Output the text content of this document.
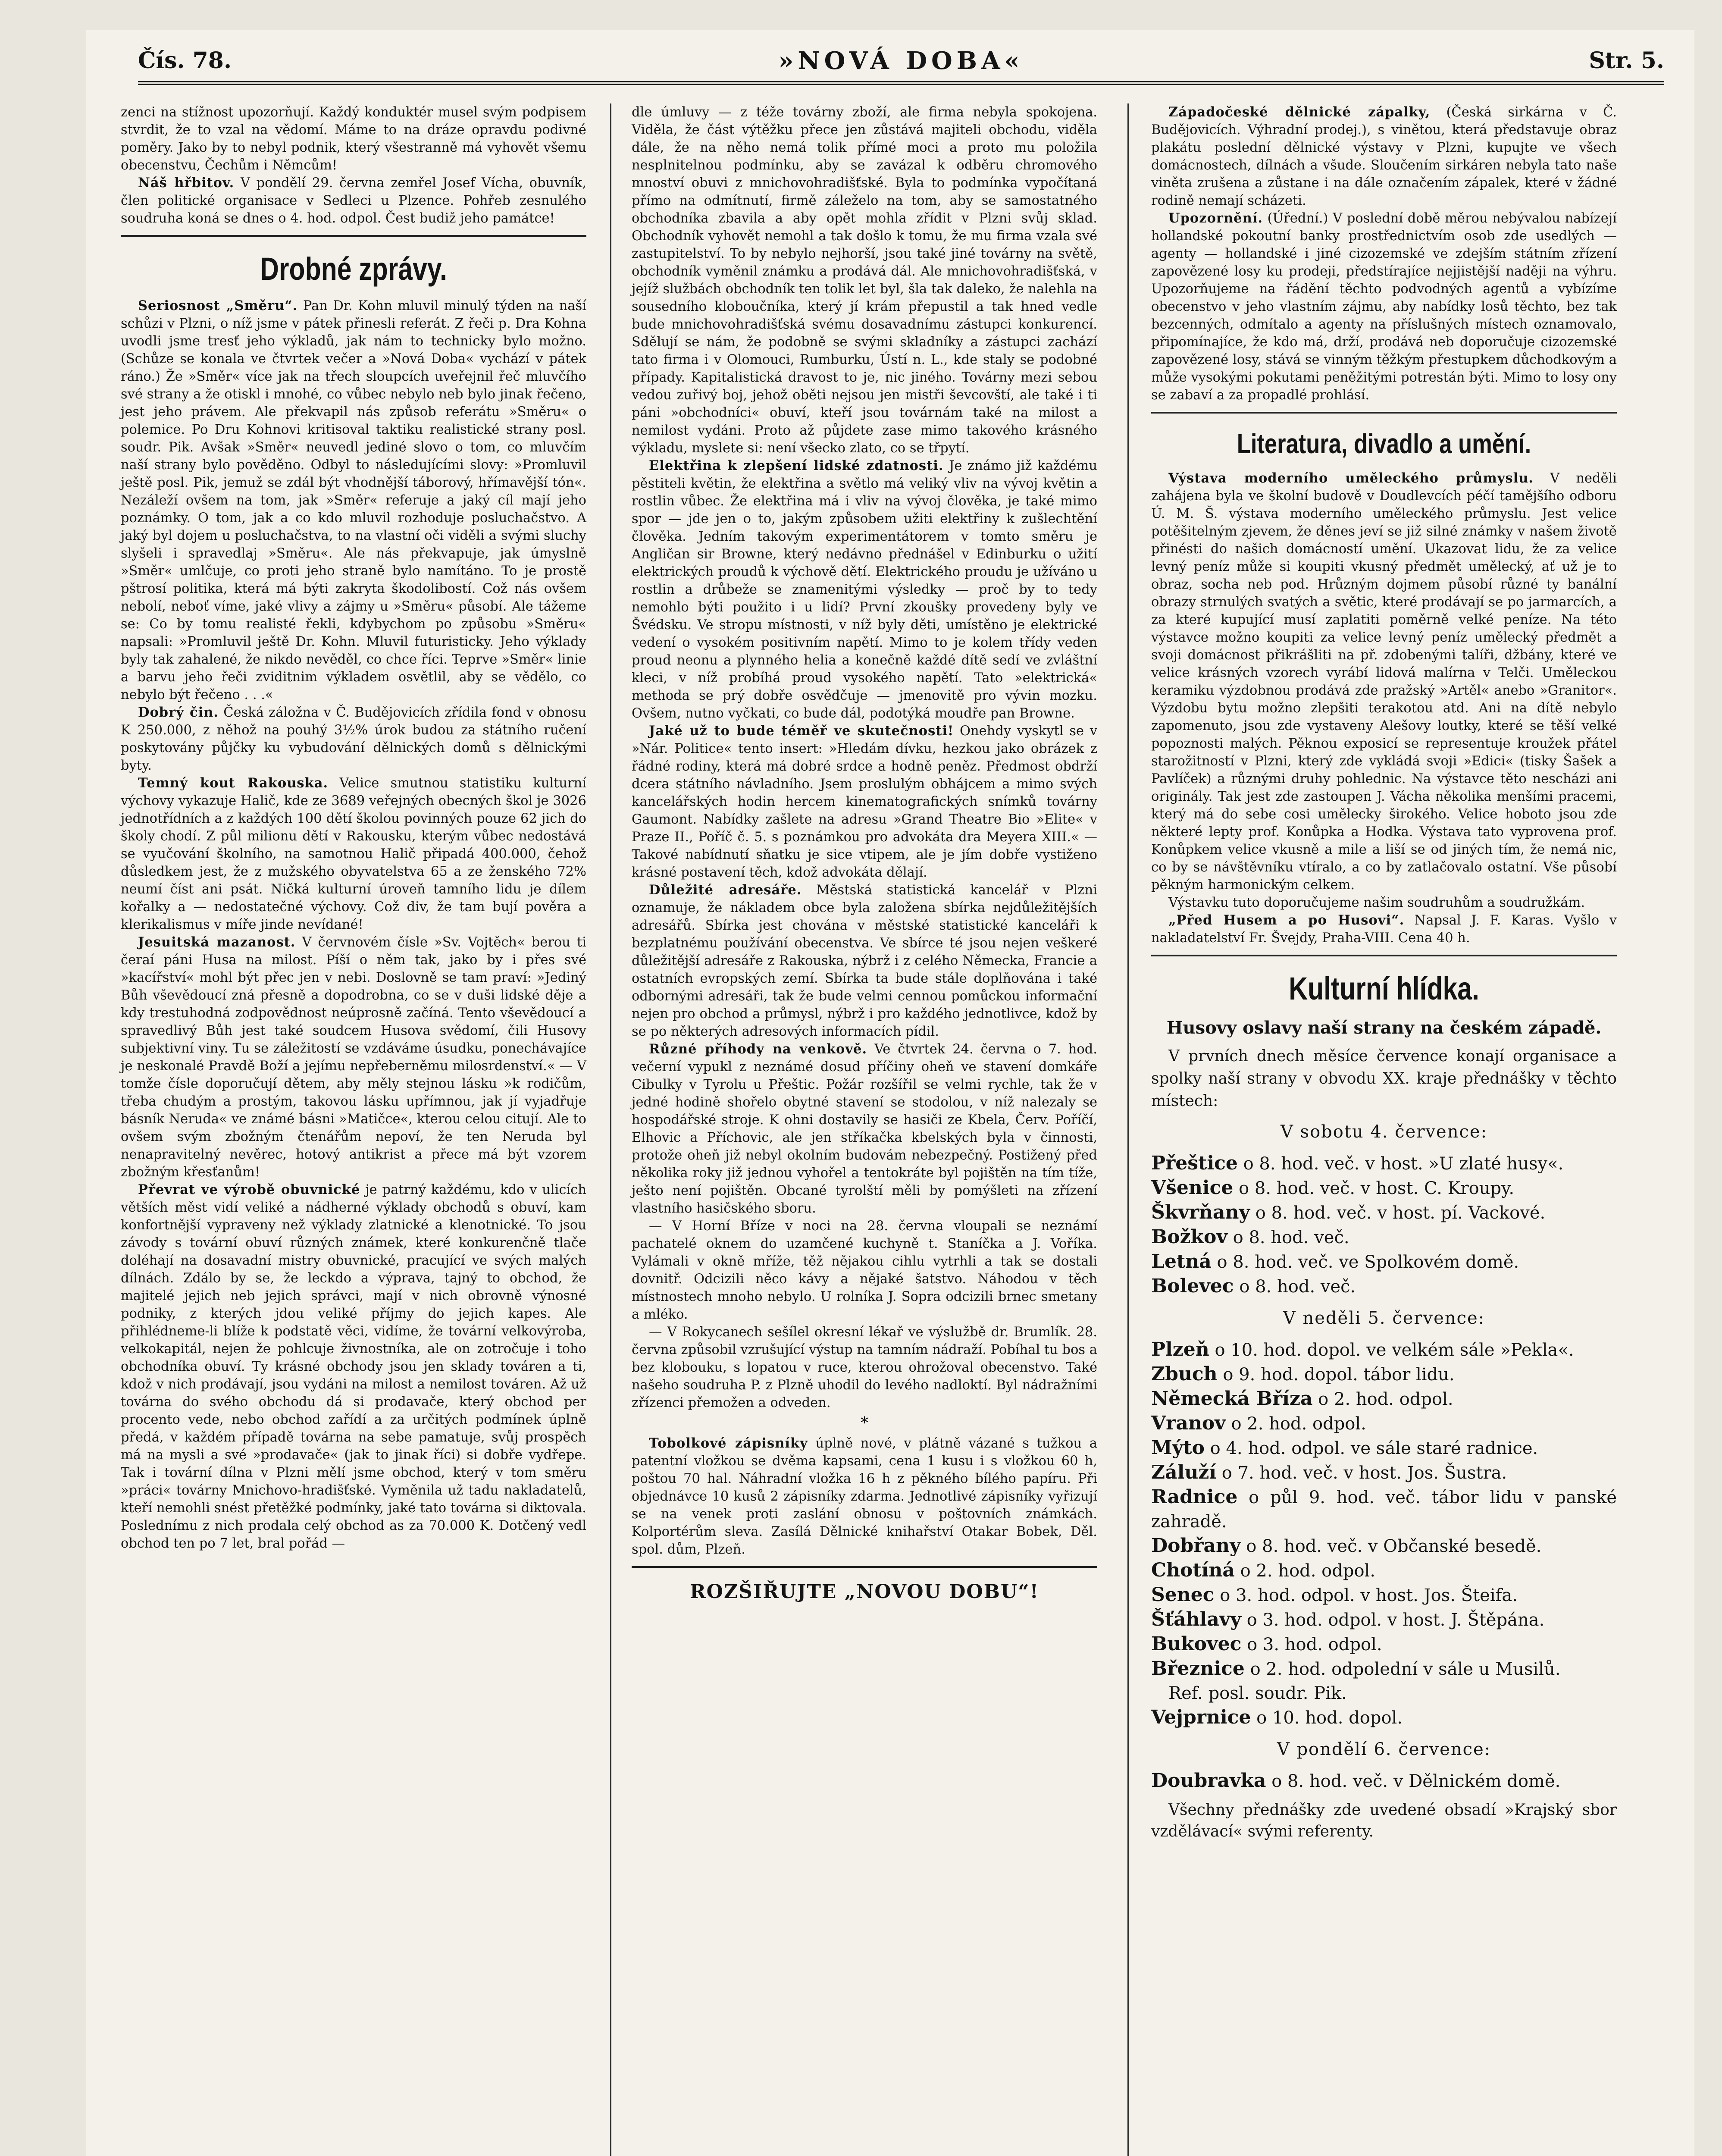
Čís. 78.	»NOVÁ DOBA«	Str. 5.

zenci na stížnost upozorňují. Každý konduktér musel svým podpisem stvrdit, že to vzal na vědomí. Máme to na dráze opravdu podivné poměry. Jako by to nebyl podnik, který všestranně má vyhovět všemu obecenstvu, Čechům i Němcům!

Náš hřbitov. V pondělí 29. června zemřel Josef Vícha, obuvník, člen politické organisace v Sedleci u Plzence. Pohřeb zesnulého soudruha koná se dnes o 4. hod. odpol. Čest budiž jeho památce!

Drobné zprávy.

Seriosnost „Směru“. Pan Dr. Kohn mluvil minulý týden na naší schůzi v Plzni, o níž jsme v pátek přinesli referát. Z řeči p. Dra Kohna uvodli jsme tresť jeho výkladů, jak nám to technicky bylo možno. (Schůze se konala ve čtvrtek večer a »Nová Doba« vychází v pátek ráno.) Že »Směr« více jak na třech sloupcích uveřejnil řeč mluvčího své strany a že otiskl i mnohé, co vůbec nebylo neb bylo jinak řečeno, jest jeho právem. Ale překvapil nás způsob referátu »Směru« o polemice. Po Dru Kohnovi kritisoval taktiku realistické strany posl. soudr. Pik. Avšak »Směr« neuvedl jediné slovo o tom, co mluvčím naší strany bylo pověděno. Odbyl to následujícími slovy: »Promluvil ještě posl. Pik, jemuž se zdál být vhodnější táborový, hřímavější tón«. Nezáleží ovšem na tom, jak »Směr« referuje a jaký cíl mají jeho poznámky. O tom, jak a co kdo mluvil rozhoduje posluchačstvo. A jaký byl dojem u posluchačstva, to na vlastní oči viděli a svými sluchy slyšeli i spravedlaj »Směru«. Ale nás překvapuje, jak úmyslně »Směr« umlčuje, co proti jeho straně bylo namítáno. To je prostě pštrosí politika, která má býti zakryta škodolibostí. Což nás ovšem nebolí, neboť víme, jaké vlivy a zájmy u »Směru« působí. Ale tážeme se: Co by tomu realisté řekli, kdybychom po způsobu »Směru« napsali: »Promluvil ještě Dr. Kohn. Mluvil futuristicky. Jeho výklady byly tak zahalené, že nikdo nevěděl, co chce říci. Teprve »Směr« linie a barvu jeho řeči zviditnim výkladem osvětlil, aby se vědělo, co nebylo být řečeno . . .«

Dobrý čin. Česká záložna v Č. Budějovicích zřídila fond v obnosu K 250.000, z něhož na pouhý 3½% úrok budou za státního ručení poskytovány půjčky ku vybudování dělnických domů s dělnickými byty.

Temný kout Rakouska. Velice smutnou statistiku kulturní výchovy vykazuje Halič, kde ze 3689 veřejných obecných škol je 3026 jednotřídních a z každých 100 dětí školou povinných pouze 62 jich do školy chodí. Z půl milionu dětí v Rakousku, kterým vůbec nedostává se vyučování školního, na samotnou Halič připadá 400.000, čehož důsledkem jest, že z mužského obyvatelstva 65 a ze ženského 72% neumí číst ani psát. Ničká kulturní úroveň tamního lidu je dílem kořalky a — nedostatečné výchovy. Což div, že tam bují pověra a klerikalismus v míře jinde nevídané!

Jesuitská mazanost. V červnovém čísle »Sv. Vojtěch« berou ti čeraí páni Husa na milost. Píší o něm tak, jako by i přes své »kacířství« mohl být přec jen v nebi. Doslovně se tam praví: »Jediný Bůh vševědoucí zná přesně a dopodrobna, co se v duši lidské děje a kdy trestuhodná zodpovědnost neúprosně začíná. Tento vševědoucí a spravedlivý Bůh jest také soudcem Husova svědomí, čili Husovy subjektivní viny. Tu se záležitostí se vzdáváme úsudku, ponechávajíce je neskonalé Pravdě Boží a jejímu nepřeberněmu milosrdenství.« — V tomže čísle doporučují dětem, aby měly stejnou lásku »k rodičům, třeba chudým a prostým, takovou lásku upřímnou, jak jí vyjadřuje básník Neruda« ve známé básni »Matičce«, kterou celou citují. Ale to ovšem svým zbožným čtenářům nepoví, že ten Neruda byl nenapravitelný nevěrec, hotový antikrist a přece má být vzorem zbožným křesťanům!

Převrat ve výrobě obuvnické je patrný každému, kdo v ulicích větších měst vidí veliké a nádherné výklady obchodů s obuví, kam konfortnější vypraveny než výklady zlatnické a klenotnické. To jsou závody s tovární obuví různých známek, které konkurenčně tlače doléhají na dosavadní mistry obuvnické, pracující ve svých malých dílnách. Zdálo by se, že leckdo a výprava, tajný to obchod, že majitelé jejich neb jejich správci, mají v nich obrovně výnosné podniky, z kterých jdou veliké příjmy do jejich kapes. Ale přihlédneme-li blíže k podstatě věci, vidíme, že tovární velkovýroba, velkokapitál, nejen že pohlcuje živnostníka, ale on zotročuje i toho obchodníka obuví. Ty krásné obchody jsou jen sklady továren a ti, kdož v nich prodávají, jsou vydáni na milost a nemilost továren. Až už továrna do svého obchodu dá si prodavače, který obchod per procento vede, nebo obchod zařídí a za určitých podmínek úplně předá, v každém případě továrna na sebe pamatuje, svůj prospěch má na mysli a své »prodavače« (jak to jinak říci) si dobře vydřepe. Tak i tovární dílna v Plzni mělí jsme obchod, který v tom směru »práci« továrny Mnichovo-hradišťské. Vyměnila už tadu nakladatelů, kteří nemohli snést přetěžké podmínky, jaké tato továrna si diktovala. Poslednímu z nich prodala celý obchod as za 70.000 K. Dotčený vedl obchod ten po 7 let, bral pořád —

dle úmluvy — z téže továrny zboží, ale firma nebyla spokojena. Viděla, že část výtěžku přece jen zůstává majiteli obchodu, viděla dále, že na něho nemá tolik přímé moci a proto mu položila nesplnitelnou podmínku, aby se zavázal k odběru chromového mnoství obuvi z mnichovohradišťské. Byla to podmínka vypočítaná přímo na odmítnutí, firmě záleželo na tom, aby se samostatného obchodníka zbavila a aby opět mohla zřídit v Plzni svůj sklad. Obchodník vyhovět nemohl a tak došlo k tomu, že mu firma vzala své zastupitelství. To by nebylo nejhorší, jsou také jiné továrny na světě, obchodník vyměnil známku a prodává dál. Ale mnichovohradišťská, v jejíž službách obchodník ten tolik let byl, šla tak daleko, že nalehla na sousedního kloboučníka, který jí krám přepustil a tak hned vedle bude mnichovohradišťská svému dosavadnímu zástupci konkurencí. Sdělují se nám, že podobně se svými skladníky a zástupci zachází tato firma i v Olomouci, Rumburku, Ústí n. L., kde staly se podobné případy. Kapitalistická dravost to je, nic jiného. Továrny mezi sebou vedou zuřivý boj, jehož oběti nejsou jen mistři ševcovští, ale také i ti páni »obchodníci« obuví, kteří jsou továrnám také na milost a nemilost vydáni. Proto až půjdete zase mimo takového krásného výkladu, myslete si: není všecko zlato, co se třpytí.

Elektřina k zlepšení lidské zdatnosti. Je známo již každému pěstiteli květin, že elektřina a světlo má veliký vliv na vývoj květin a rostlin vůbec. Že elektřina má i vliv na vývoj člověka, je také mimo spor — jde jen o to, jakým způsobem užiti elektřiny k zušlechtění člověka. Jedním takovým experimentátorem v tomto směru je Angličan sir Browne, který nedávno přednášel v Edinburku o užití elektrických proudů k výchově dětí. Elektrického proudu je užíváno u rostlin a drůbeže se znamenitými výsledky — proč by to tedy nemohlo býti použito i u lidí? První zkoušky provedeny byly ve Švédsku. Ve stropu místnosti, v níž byly děti, umístěno je elektrické vedení o vysokém positivním napětí. Mimo to je kolem třídy veden proud neonu a plynného helia a konečně každé dítě sedí ve zvláštní kleci, v níž probíhá proud vysokého napětí. Tato »elektrická« methoda se prý dobře osvědčuje — jmenovitě pro vývin mozku. Ovšem, nutno vyčkati, co bude dál, podotýká moudře pan Browne.

Jaké už to bude téměř ve skutečnosti! Onehdy vyskytl se v »Nár. Politice« tento insert: »Hledám dívku, hezkou jako obrázek z řádné rodiny, která má dobré srdce a hodně peněz. Předmost obdrží dcera státního návladního. Jsem proslulým obhájcem a mimo svých kancelářských hodin hercem kinematografických snímků továrny Gaumont. Nabídky zašlete na adresu »Grand Theatre Bio »Elite« v Praze II., Poříč č. 5. s poznámkou pro advokáta dra Meyera XIII.« — Takové nabídnutí sňatku je sice vtipem, ale je jím dobře vystiženo krásné postavení těch, kdož advokáta dělají.

Důležité adresáře. Městská statistická kancelář v Plzni oznamuje, že nákladem obce byla založena sbírka nejdůležitějších adresářů. Sbírka jest chována v městské statistické kanceláři k bezplatnému používání obecenstva. Ve sbírce té jsou nejen veškeré důležitější adresáře z Rakouska, nýbrž i z celého Německa, Francie a ostatních evropských zemí. Sbírka ta bude stále doplňována i také odbornými adresáři, tak že bude velmi cennou pomůckou informační nejen pro obchod a průmysl, nýbrž i pro každého jednotlivce, kdož by se po některých adresových informacích pídil.

Různé příhody na venkově. Ve čtvrtek 24. června o 7. hod. večerní vypukl z neznámé dosud příčiny oheň ve stavení domkáře Cibulky v Tyrolu u Přeštic. Požár rozšířil se velmi rychle, tak že v jedné hodině shořelo obytné stavení se stodolou, v níž nalezaly se hospodářské stroje. K ohni dostavily se hasiči ze Kbela, Červ. Poříčí, Elhovic a Příchovic, ale jen stříkačka kbelských byla v činnosti, protože oheň již nebyl okolním budovám nebezpečný. Postižený před několika roky již jednou vyhořel a tentokráte byl pojištěn na tím tíže, ješto není pojištěn. Obcané tyrolští měli by pomýšleti na zřízení vlastního hasičského sboru.

— V Horní Bříze v noci na 28. června vloupali se neznámí pachatelé oknem do uzamčené kuchyně t. Staníčka a J. Voříka. Vylámali v okně mříže, těž nějakou cihlu vytrhli a tak se dostali dovnitř. Odcizili něco kávy a nějaké šatstvo. Náhodou v těch místnostech mnoho nebylo. U rolníka J. Sopra odcizili brnec smetany a mléko.

— V Rokycanech sešílel okresní lékař ve výslužbě dr. Brumlík. 28. června způsobil vzrušující výstup na tamním nádraží. Pobíhal tu bos a bez klobouku, s lopatou v ruce, kterou ohrožoval obecenstvo. Také našeho soudruha P. z Plzně uhodil do levého nadloktí. Byl nádražními zřízenci přemožen a odveden.

*

Tobolkové zápisníky úplně nové, v plátně vázané s tužkou a patentní vložkou se dvěma kapsami, cena 1 kusu i s vložkou 60 h, poštou 70 hal. Náhradní vložka 16 h z pěkného bílého papíru. Při objednávce 10 kusů 2 zápisníky zdarma. Jednotlivé zápisníky vyřizují se na venek proti zaslání obnosu v poštovních známkách. Kolportérům sleva. Zasílá Dělnické knihařství Otakar Bobek, Děl. spol. dům, Plzeň.

ROZŠIŘUJTE „NOVOU DOBU“!

Západočeské dělnické zápalky, (Česká sirkárna v Č. Budějovicích. Výhradní prodej.), s vinětou, která představuje obraz plakátu poslední dělnické výstavy v Plzni, kupujte ve všech domácnostech, dílnách a všude. Sloučením sirkáren nebyla tato naše viněta zrušena a zůstane i na dále označením zápalek, které v žádné rodině nemají scházeti.

Upozornění. (Úřední.) V poslední době měrou nebývalou nabízejí hollandské pokoutní banky prostřednictvím osob zde usedlých — agenty — hollandské i jiné cizozemské ve zdejším státním zřízení zapovězené losy ku prodeji, předstírajíce nejjistější naději na výhru. Upozorňujeme na řádění těchto podvodných agentů a vybízíme obecenstvo v jeho vlastním zájmu, aby nabídky losů těchto, bez tak bezcenných, odmítalo a agenty na příslušných místech oznamovalo, připomínajíce, že kdo má, drží, prodává neb doporučuje cizozemské zapovězené losy, stává se vinným těžkým přestupkem důchodkovým a může vysokými pokutami peněžitými potrestán býti. Mimo to losy ony se zabaví a za propadlé prohlásí.

Literatura, divadlo a umění.

Výstava moderního uměleckého průmyslu. V neděli zahájena byla ve školní budově v Doudlevcích péčí tamějšího odboru Ú. M. Š. výstava moderního uměleckého průmyslu. Jest velice potěšitelným zjevem, že děnes jeví se již silné známky v našem životě přinésti do našich domácností umění. Ukazovat lidu, že za velice levný peníz může si koupiti vkusný předmět umělecký, ať už je to obraz, socha neb pod. Hrůzným dojmem působí různé ty banální obrazy strnulých svatých a světic, které prodávají se po jarmarcích, a za které kupující musí zaplatiti poměrně velké peníze. Na této výstavce možno koupiti za velice levný peníz umělecký předmět a svoji domácnost přikrášliti na př. zdobenými talíři, džbány, které ve velice krásných vzorech vyrábí lidová malírna v Telči. Uměleckou keramiku výzdobnou prodává zde pražský »Artěl« anebo »Granitor«. Výzdobu bytu možno zlepšiti terakotou atd. Ani na dítě nebylo zapomenuto, jsou zde vystaveny Alešovy loutky, které se těší velké popoznosti malých. Pěknou exposicí se representuje kroužek přátel starožitností v Plzni, který zde vykládá svoji »Edici« (tisky Šašek a Pavlíček) a různými druhy pohlednic. Na výstavce těto nescházi ani originály. Tak jest zde zastoupen J. Vácha několika menšími pracemi, který má do sebe cosi umělecky širokého. Velice hoboto jsou zde některé lepty prof. Konůpka a Hodka. Výstava tato vyprovena prof. Konůpkem velice vkusně a mile a liší se od jiných tím, že nemá nic, co by se návštěvníku vtíralo, a co by zatlačovalo ostatní. Vše působí pěkným harmonickým celkem.

Výstavku tuto doporučujeme našim soudruhům a soudružkám.

„Před Husem a po Husovi“. Napsal J. F. Karas. Vyšlo v nakladatelství Fr. Švejdy, Praha-VIII. Cena 40 h.

Kulturní hlídka.
Husovy oslavy naší strany na českém západě.

V prvních dnech měsíce července konají organisace a spolky naší strany v obvodu XX. kraje přednášky v těchto místech:

V sobotu 4. července:

Přeštice o 8. hod. več. v host. »U zlaté husy«.

Všenice o 8. hod. več. v host. C. Kroupy.

Škvrňany o 8. hod. več. v host. pí. Vackové.

Božkov o 8. hod. več.

Letná o 8. hod. več. ve Spolkovém domě.

Bolevec o 8. hod. več.

V neděli 5. července:

Plzeň o 10. hod. dopol. ve velkém sále »Pekla«.

Zbuch o 9. hod. dopol. tábor lidu.

Německá Bříza o 2. hod. odpol.

Vranov o 2. hod. odpol.

Mýto o 4. hod. odpol. ve sále staré radnice.

Záluží o 7. hod. več. v host. Jos. Šustra.

Radnice o půl 9. hod. več. tábor lidu v panské zahradě.

Dobřany o 8. hod. več. v Občanské besedě.

Chotíná o 2. hod. odpol.

Senec o 3. hod. odpol. v host. Jos. Šteifa.

Šťáhlavy o 3. hod. odpol. v host. J. Štěpána.

Bukovec o 3. hod. odpol.

Březnice o 2. hod. odpolední v sále u Musilů.

Ref. posl. soudr. Pik.

Vejprnice o 10. hod. dopol.

V pondělí 6. července:

Doubravka o 8. hod. več. v Dělnickém domě.

Všechny přednášky zde uvedené obsadí »Krajský sbor vzdělávací« svými referenty.
